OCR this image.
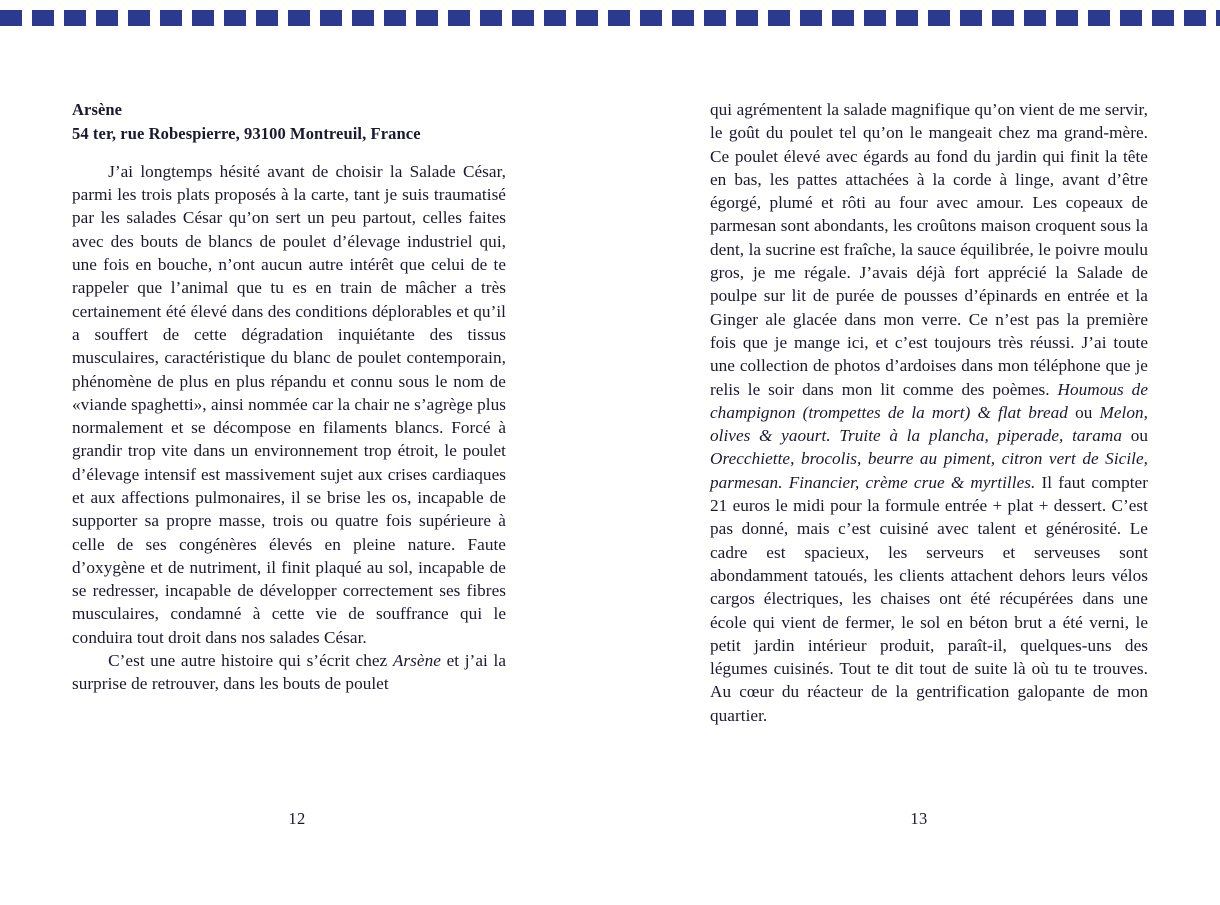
Arsène
54 ter, rue Robespierre, 93100 Montreuil, France

J’ai longtemps hésité avant de choisir la Salade César, parmi les trois plats proposés à la carte, tant je suis traumatisé par les salades César qu’on sert un peu partout, celles faites avec des bouts de blancs de poulet d’élevage industriel qui, une fois en bouche, n’ont aucun autre intérêt que celui de te rappeler que l’animal que tu es en train de mâcher a très certainement été élevé dans des conditions déplorables et qu’il a souffert de cette dégradation inquiétante des tissus musculaires, caractéristique du blanc de poulet contemporain, phénomène de plus en plus répandu et connu sous le nom de «viande spaghetti», ainsi nommée car la chair ne s’agrège plus normalement et se décompose en filaments blancs. Forcé à grandir trop vite dans un environnement trop étroit, le poulet d’élevage intensif est massivement sujet aux crises cardiaques et aux affections pulmonaires, il se brise les os, incapable de supporter sa propre masse, trois ou quatre fois supérieure à celle de ses congénères élevés en pleine nature. Faute d’oxygène et de nutriment, il finit plaqué au sol, incapable de se redresser, incapable de développer correctement ses fibres musculaires, condamné à cette vie de souffrance qui le conduira tout droit dans nos salades César.

C’est une autre histoire qui s’écrit chez Arsène et j’ai la surprise de retrouver, dans les bouts de poulet

12

qui agrémentent la salade magnifique qu’on vient de me servir, le goût du poulet tel qu’on le mangeait chez ma grand-mère. Ce poulet élevé avec égards au fond du jardin qui finit la tête en bas, les pattes attachées à la corde à linge, avant d’être égorgé, plumé et rôti au four avec amour. Les copeaux de parmesan sont abondants, les croûtons maison croquent sous la dent, la sucrine est fraîche, la sauce équilibrée, le poivre moulu gros, je me régale. J’avais déjà fort apprécié la Salade de poulpe sur lit de purée de pousses d’épinards en entrée et la Ginger ale glacée dans mon verre. Ce n’est pas la première fois que je mange ici, et c’est toujours très réussi. J’ai toute une collection de photos d’ardoises dans mon téléphone que je relis le soir dans mon lit comme des poèmes. Houmous de champignon (trompettes de la mort) & flat bread ou Melon, olives & yaourt. Truite à la plancha, piperade, tarama ou Orecchiette, brocolis, beurre au piment, citron vert de Sicile, parmesan. Financier, crème crue & myrtilles. Il faut compter 21 euros le midi pour la formule entrée + plat + dessert. C’est pas donné, mais c’est cuisiné avec talent et générosité. Le cadre est spacieux, les serveurs et serveuses sont abondamment tatoués, les clients attachent dehors leurs vélos cargos électriques, les chaises ont été récupérées dans une école qui vient de fermer, le sol en béton brut a été verni, le petit jardin intérieur produit, paraît-il, quelques-uns des légumes cuisinés. Tout te dit tout de suite là où tu te trouves. Au cœur du réacteur de la gentrification galopante de mon quartier.

13
